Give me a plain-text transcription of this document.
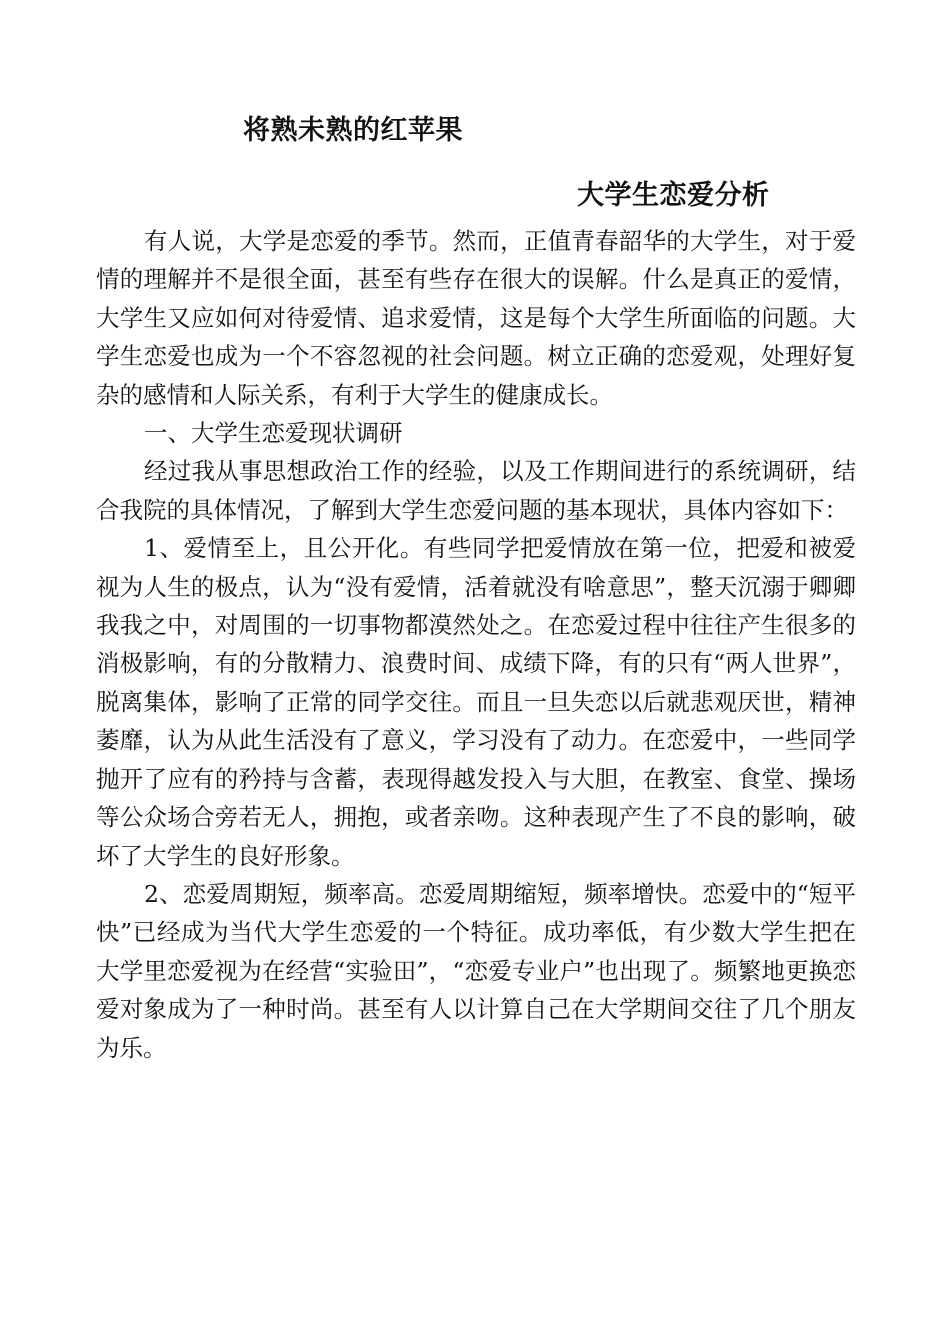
将熟未熟的红苹果
大学生恋爱分析

有人说，大学是恋爱的季节。然而，正值青春韶华的大学生，对于爱情的理解并不是很全面，甚至有些存在很大的误解。什么是真正的爱情，大学生又应如何对待爱情、追求爱情，这是每个大学生所面临的问题。大学生恋爱也成为一个不容忽视的社会问题。树立正确的恋爱观，处理好复杂的感情和人际关系，有利于大学生的健康成长。

一、大学生恋爱现状调研

经过我从事思想政治工作的经验，以及工作期间进行的系统调研，结合我院的具体情况，了解到大学生恋爱问题的基本现状，具体内容如下：

1、爱情至上，且公开化。有些同学把爱情放在第一位，把爱和被爱视为人生的极点，认为“没有爱情，活着就没有啥意思”，整天沉溺于卿卿我我之中，对周围的一切事物都漠然处之。在恋爱过程中往往产生很多的消极影响，有的分散精力、浪费时间、成绩下降，有的只有“两人世界”，脱离集体，影响了正常的同学交往。而且一旦失恋以后就悲观厌世，精神萎靡，认为从此生活没有了意义，学习没有了动力。在恋爱中，一些同学抛开了应有的矜持与含蓄，表现得越发投入与大胆，在教室、食堂、操场等公众场合旁若无人，拥抱，或者亲吻。这种表现产生了不良的影响，破坏了大学生的良好形象。

2、恋爱周期短，频率高。恋爱周期缩短，频率增快。恋爱中的“短平快”已经成为当代大学生恋爱的一个特征。成功率低，有少数大学生把在大学里恋爱视为在经营“实验田”，“恋爱专业户”也出现了。频繁地更换恋爱对象成为了一种时尚。甚至有人以计算自己在大学期间交往了几个朋友为乐。
